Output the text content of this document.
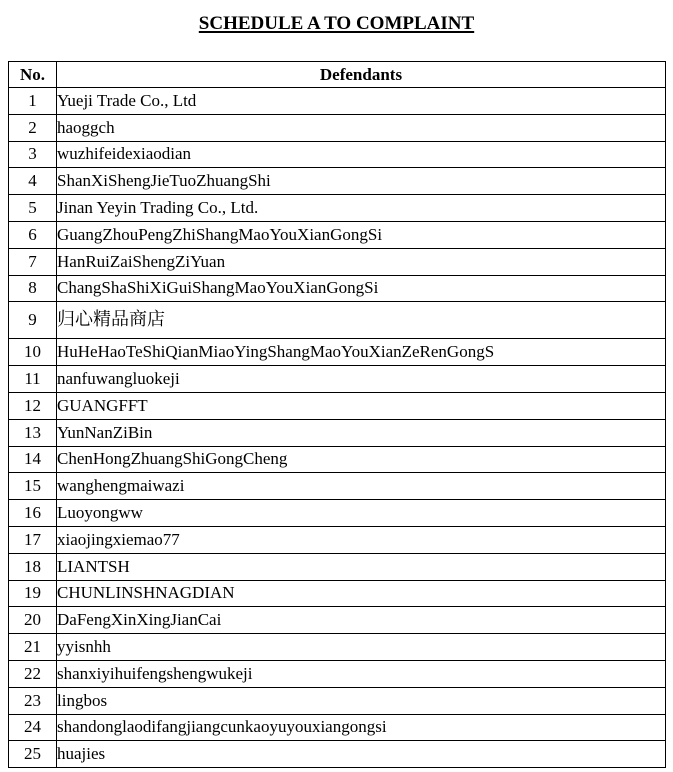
SCHEDULE A TO COMPLAINT
No.	Defendants
1	Yueji Trade Co., Ltd
2	haoggch
3	wuzhifeidexiaodian
4	ShanXiShengJieTuoZhuangShi
5	Jinan Yeyin Trading Co., Ltd.
6	GuangZhouPengZhiShangMaoYouXianGongSi
7	HanRuiZaiShengZiYuan
8	ChangShaShiXiGuiShangMaoYouXianGongSi
9	归心精品商店
10	HuHeHaoTeShiQianMiaoYingShangMaoYouXianZeRenGongS
11	nanfuwangluokeji
12	GUANGFFT
13	YunNanZiBin
14	ChenHongZhuangShiGongCheng
15	wanghengmaiwazi
16	Luoyongww
17	xiaojingxiemao77
18	LIANTSH
19	CHUNLINSHNAGDIAN
20	DaFengXinXingJianCai
21	yyisnhh
22	shanxiyihuifengshengwukeji
23	lingbos
24	shandonglaodifangjiangcunkaoyuyouxiangongsi
25	huajies
